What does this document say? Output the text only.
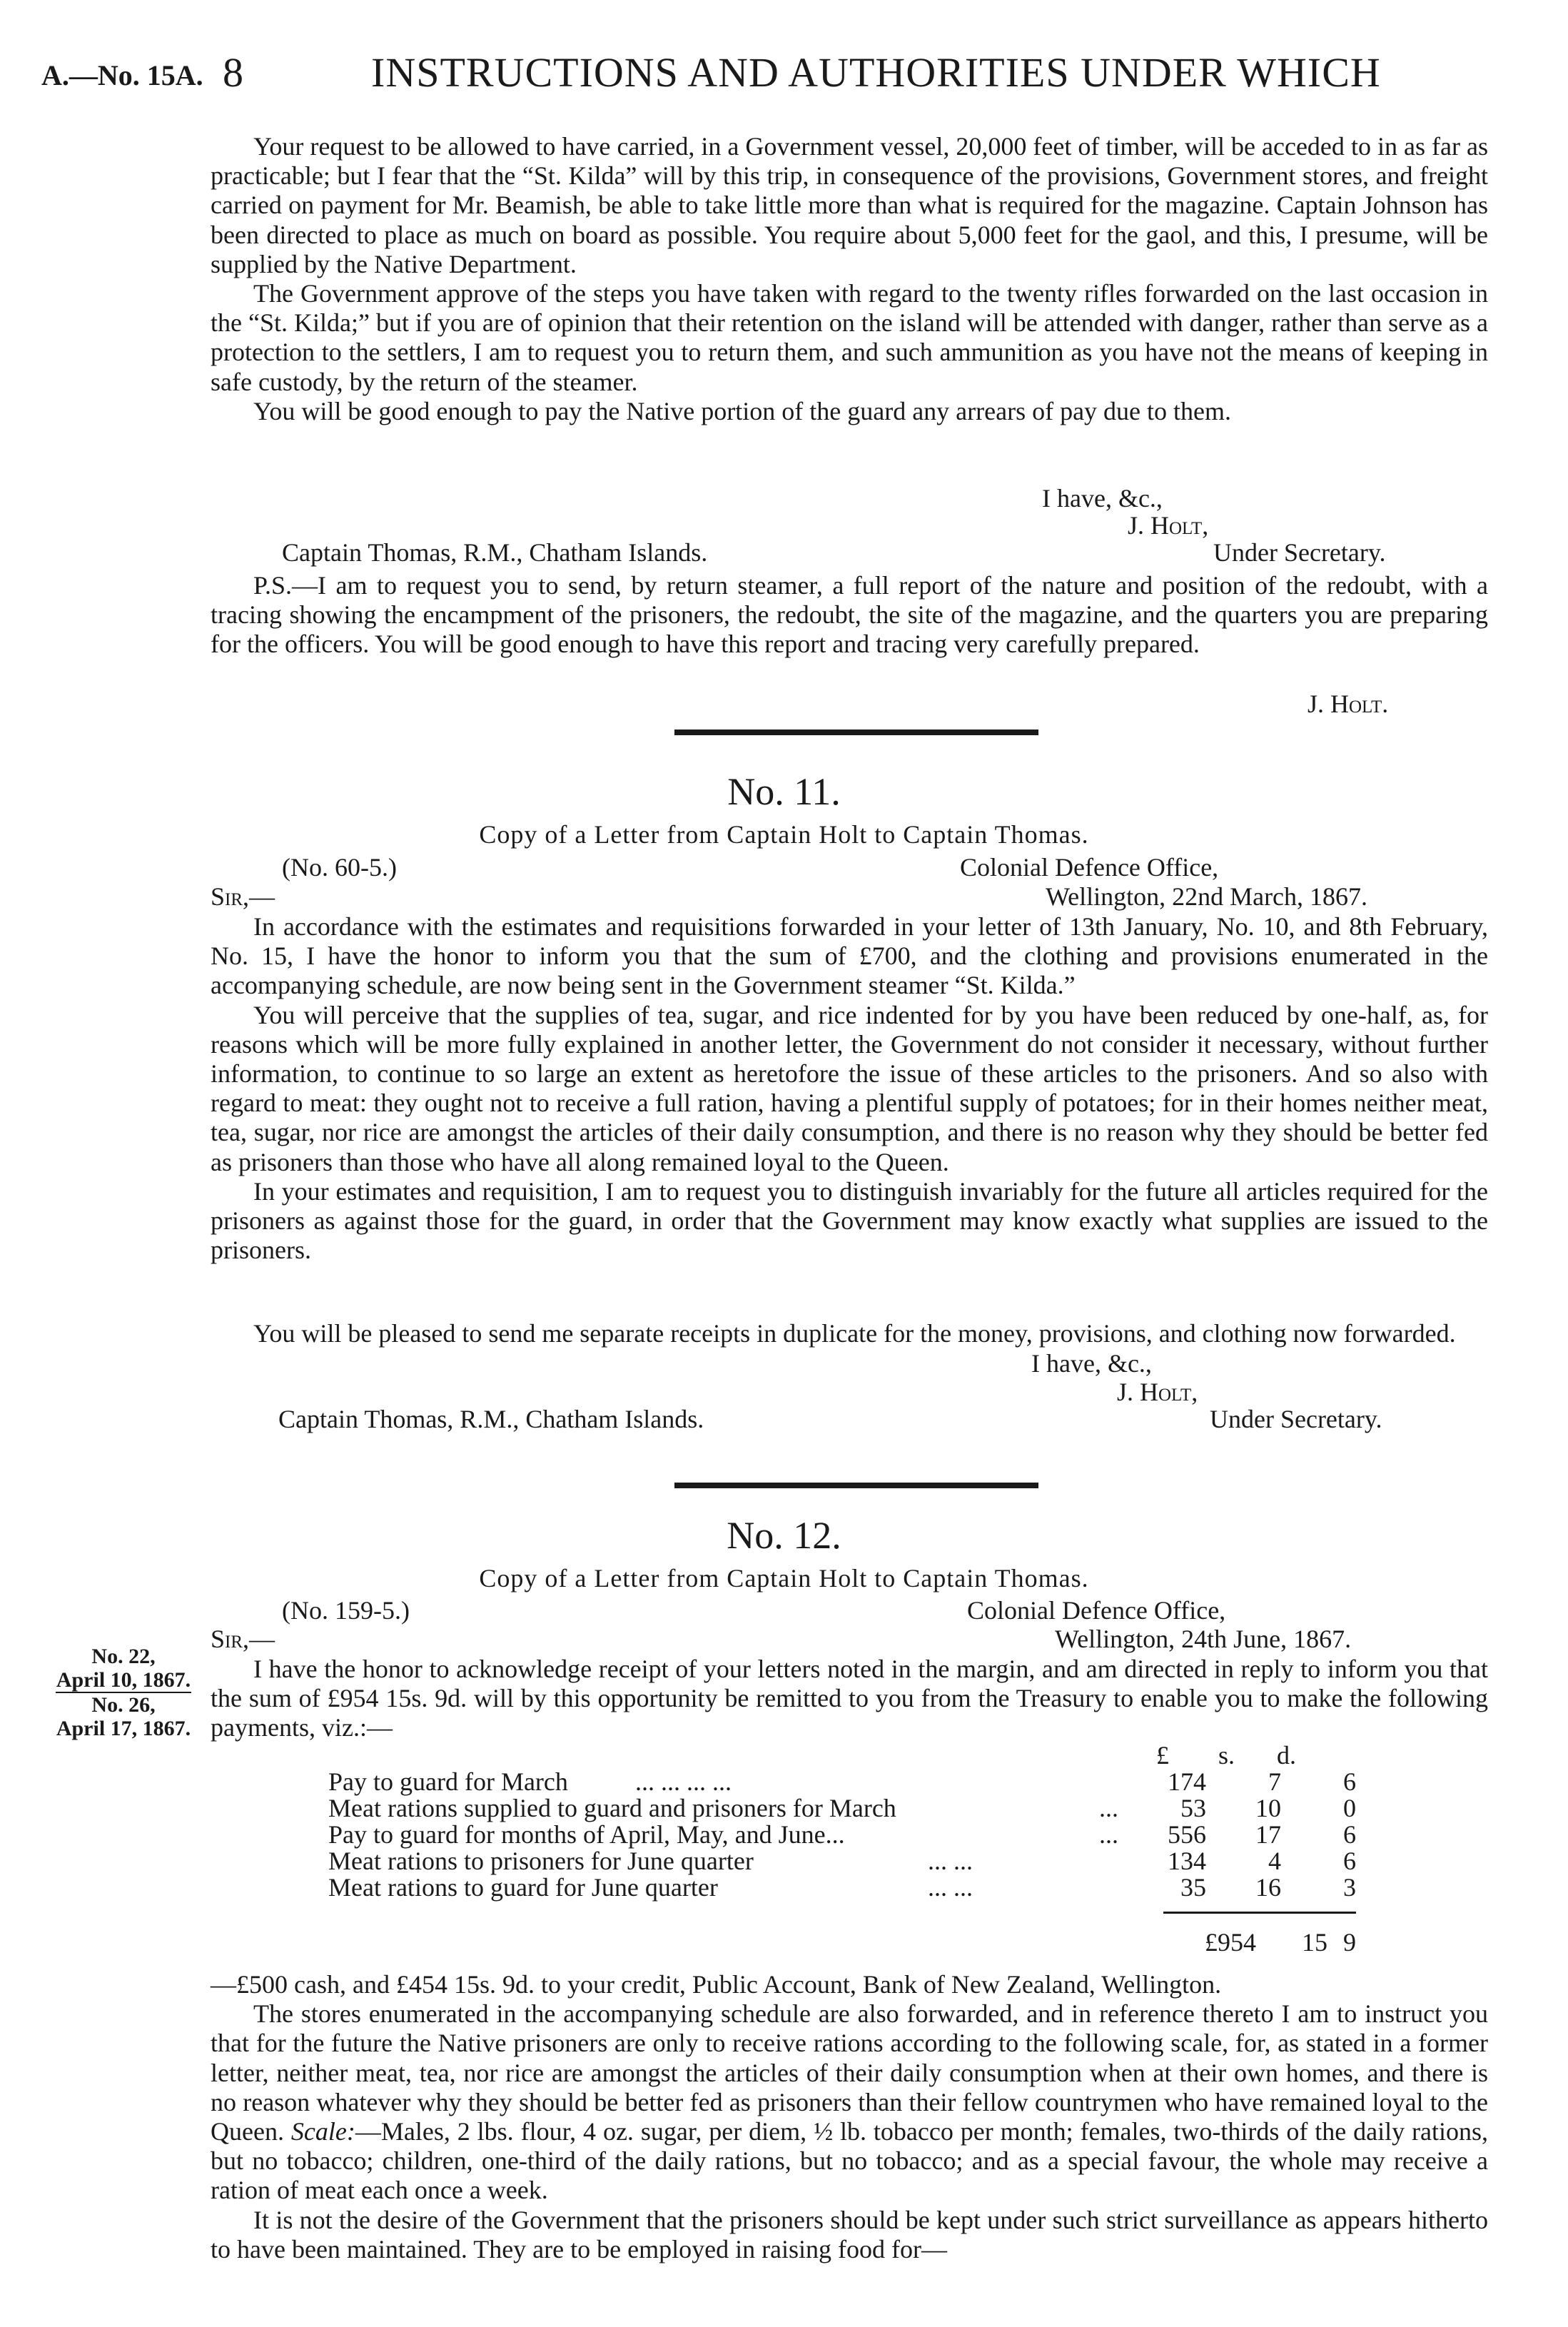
A.—No. 15A. 8	INSTRUCTIONS AND AUTHORITIES UNDER WHICH

Your request to be allowed to have carried, in a Government vessel, 20,000 feet of timber, will be acceded to in as far as practicable; but I fear that the “St. Kilda” will by this trip, in consequence of the provisions, Government stores, and freight carried on payment for Mr. Beamish, be able to take little more than what is required for the magazine. Captain Johnson has been directed to place as much on board as possible. You require about 5,000 feet for the gaol, and this, I presume, will be supplied by the Native Department.

The Government approve of the steps you have taken with regard to the twenty rifles forwarded on the last occasion in the “St. Kilda;” but if you are of opinion that their retention on the island will be attended with danger, rather than serve as a protection to the settlers, I am to request you to return them, and such ammunition as you have not the means of keeping in safe custody, by the return of the steamer.

You will be good enough to pay the Native portion of the guard any arrears of pay due to them.

I have, &c.,
J. Holt,
Captain Thomas, R.M., Chatham Islands.	Under Secretary.

P.S.—I am to request you to send, by return steamer, a full report of the nature and position of the redoubt, with a tracing showing the encampment of the prisoners, the redoubt, the site of the magazine, and the quarters you are preparing for the officers. You will be good enough to have this report and tracing very carefully prepared.

J. Holt.
No. 11.
Copy of a Letter from Captain Holt to Captain Thomas.
(No. 60-5.)	Colonial Defence Office,
Sir,—	Wellington, 22nd March, 1867.

In accordance with the estimates and requisitions forwarded in your letter of 13th January, No. 10, and 8th February, No. 15, I have the honor to inform you that the sum of £700, and the clothing and provisions enumerated in the accompanying schedule, are now being sent in the Government steamer “St. Kilda.”

You will perceive that the supplies of tea, sugar, and rice indented for by you have been reduced by one-half, as, for reasons which will be more fully explained in another letter, the Government do not consider it necessary, without further information, to continue to so large an extent as heretofore the issue of these articles to the prisoners. And so also with regard to meat: they ought not to receive a full ration, having a plentiful supply of potatoes; for in their homes neither meat, tea, sugar, nor rice are amongst the articles of their daily consumption, and there is no reason why they should be better fed as prisoners than those who have all along remained loyal to the Queen.

In your estimates and requisition, I am to request you to distinguish invariably for the future all articles required for the prisoners as against those for the guard, in order that the Government may know exactly what supplies are issued to the prisoners.

You will be pleased to send me separate receipts in duplicate for the money, provisions, and clothing now forwarded.

I have, &c.,
J. Holt,
Captain Thomas, R.M., Chatham Islands.	Under Secretary.
No. 12.
Copy of a Letter from Captain Holt to Captain Thomas.
(No. 159-5.)	Colonial Defence Office,
Sir,—	Wellington, 24th June, 1867.
No. 22,
April 10, 1867.
No. 26,
April 17, 1867.

I have the honor to acknowledge receipt of your letters noted in the margin, and am directed in reply to inform you that the sum of £954 15s. 9d. will by this opportunity be remitted to you from the Treasury to enable you to make the following payments, viz.:—

£ s. d.
Pay to guard for March	... ... ... ...	174 7 6
Meat rations supplied to guard and prisoners for March	... 53 10 0
Pay to guard for months of April, May, and June...	... 556 17 6
Meat rations to prisoners for June quarter	... ...	134 4 6
Meat rations to guard for June quarter	... ...	35 16 3
£954 15 9

—£500 cash, and £454 15s. 9d. to your credit, Public Account, Bank of New Zealand, Wellington.

The stores enumerated in the accompanying schedule are also forwarded, and in reference thereto I am to instruct you that for the future the Native prisoners are only to receive rations according to the following scale, for, as stated in a former letter, neither meat, tea, nor rice are amongst the articles of their daily consumption when at their own homes, and there is no reason whatever why they should be better fed as prisoners than their fellow countrymen who have remained loyal to the Queen. Scale:—Males, 2 lbs. flour, 4 oz. sugar, per diem, ½ lb. tobacco per month; females, two-thirds of the daily rations, but no tobacco; children, one-third of the daily rations, but no tobacco; and as a special favour, the whole may receive a ration of meat each once a week.

It is not the desire of the Government that the prisoners should be kept under such strict surveillance as appears hitherto to have been maintained. They are to be employed in raising food for—
